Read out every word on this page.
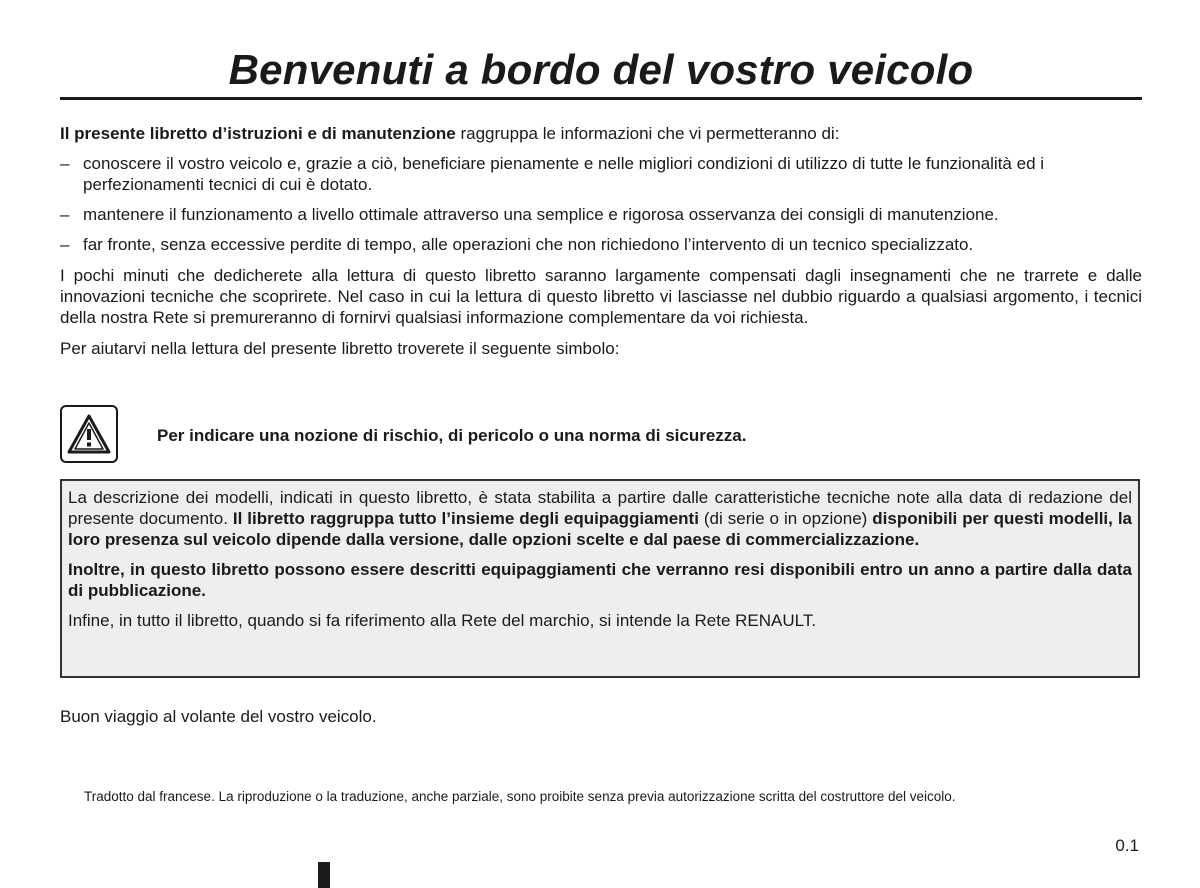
Benvenuti a bordo del vostro veicolo
Il presente libretto d’istruzioni e di manutenzione raggruppa le informazioni che vi permetteranno di:
– conoscere il vostro veicolo e, grazie a ciò, beneficiare pienamente e nelle migliori condizioni di utilizzo di tutte le funzionalità ed i perfezionamenti tecnici di cui è dotato.
– mantenere il funzionamento a livello ottimale attraverso una semplice e rigorosa osservanza dei consigli di manutenzione.
– far fronte, senza eccessive perdite di tempo, alle operazioni che non richiedono l’intervento di un tecnico specializzato.
I pochi minuti che dedicherete alla lettura di questo libretto saranno largamente compensati dagli insegnamenti che ne trarrete e dalle innovazioni tecniche che scoprirete. Nel caso in cui la lettura di questo libretto vi lasciasse nel dubbio riguardo a qualsiasi argomento, i tecnici della nostra Rete si premureranno di fornirvi qualsiasi informazione complementare da voi richiesta.
Per aiutarvi nella lettura del presente libretto troverete il seguente simbolo:
Per indicare una nozione di rischio, di pericolo o una norma di sicurezza.

La descrizione dei modelli, indicati in questo libretto, è stata stabilita a partire dalle caratteristiche tecniche note alla data di redazione del presente documento. Il libretto raggruppa tutto l’insieme degli equipaggiamenti (di serie o in opzione) disponibili per questi modelli, la loro presenza sul veicolo dipende dalla versione, dalle opzioni scelte e dal paese di commercializzazione.

Inoltre, in questo libretto possono essere descritti equipaggiamenti che verranno resi disponibili entro un anno a partire dalla data di pubblicazione.

Infine, in tutto il libretto, quando si fa riferimento alla Rete del marchio, si intende la Rete RENAULT.

Buon viaggio al volante del vostro veicolo.
Tradotto dal francese. La riproduzione o la traduzione, anche parziale, sono proibite senza previa autorizzazione scritta del costruttore del veicolo.
0.1
